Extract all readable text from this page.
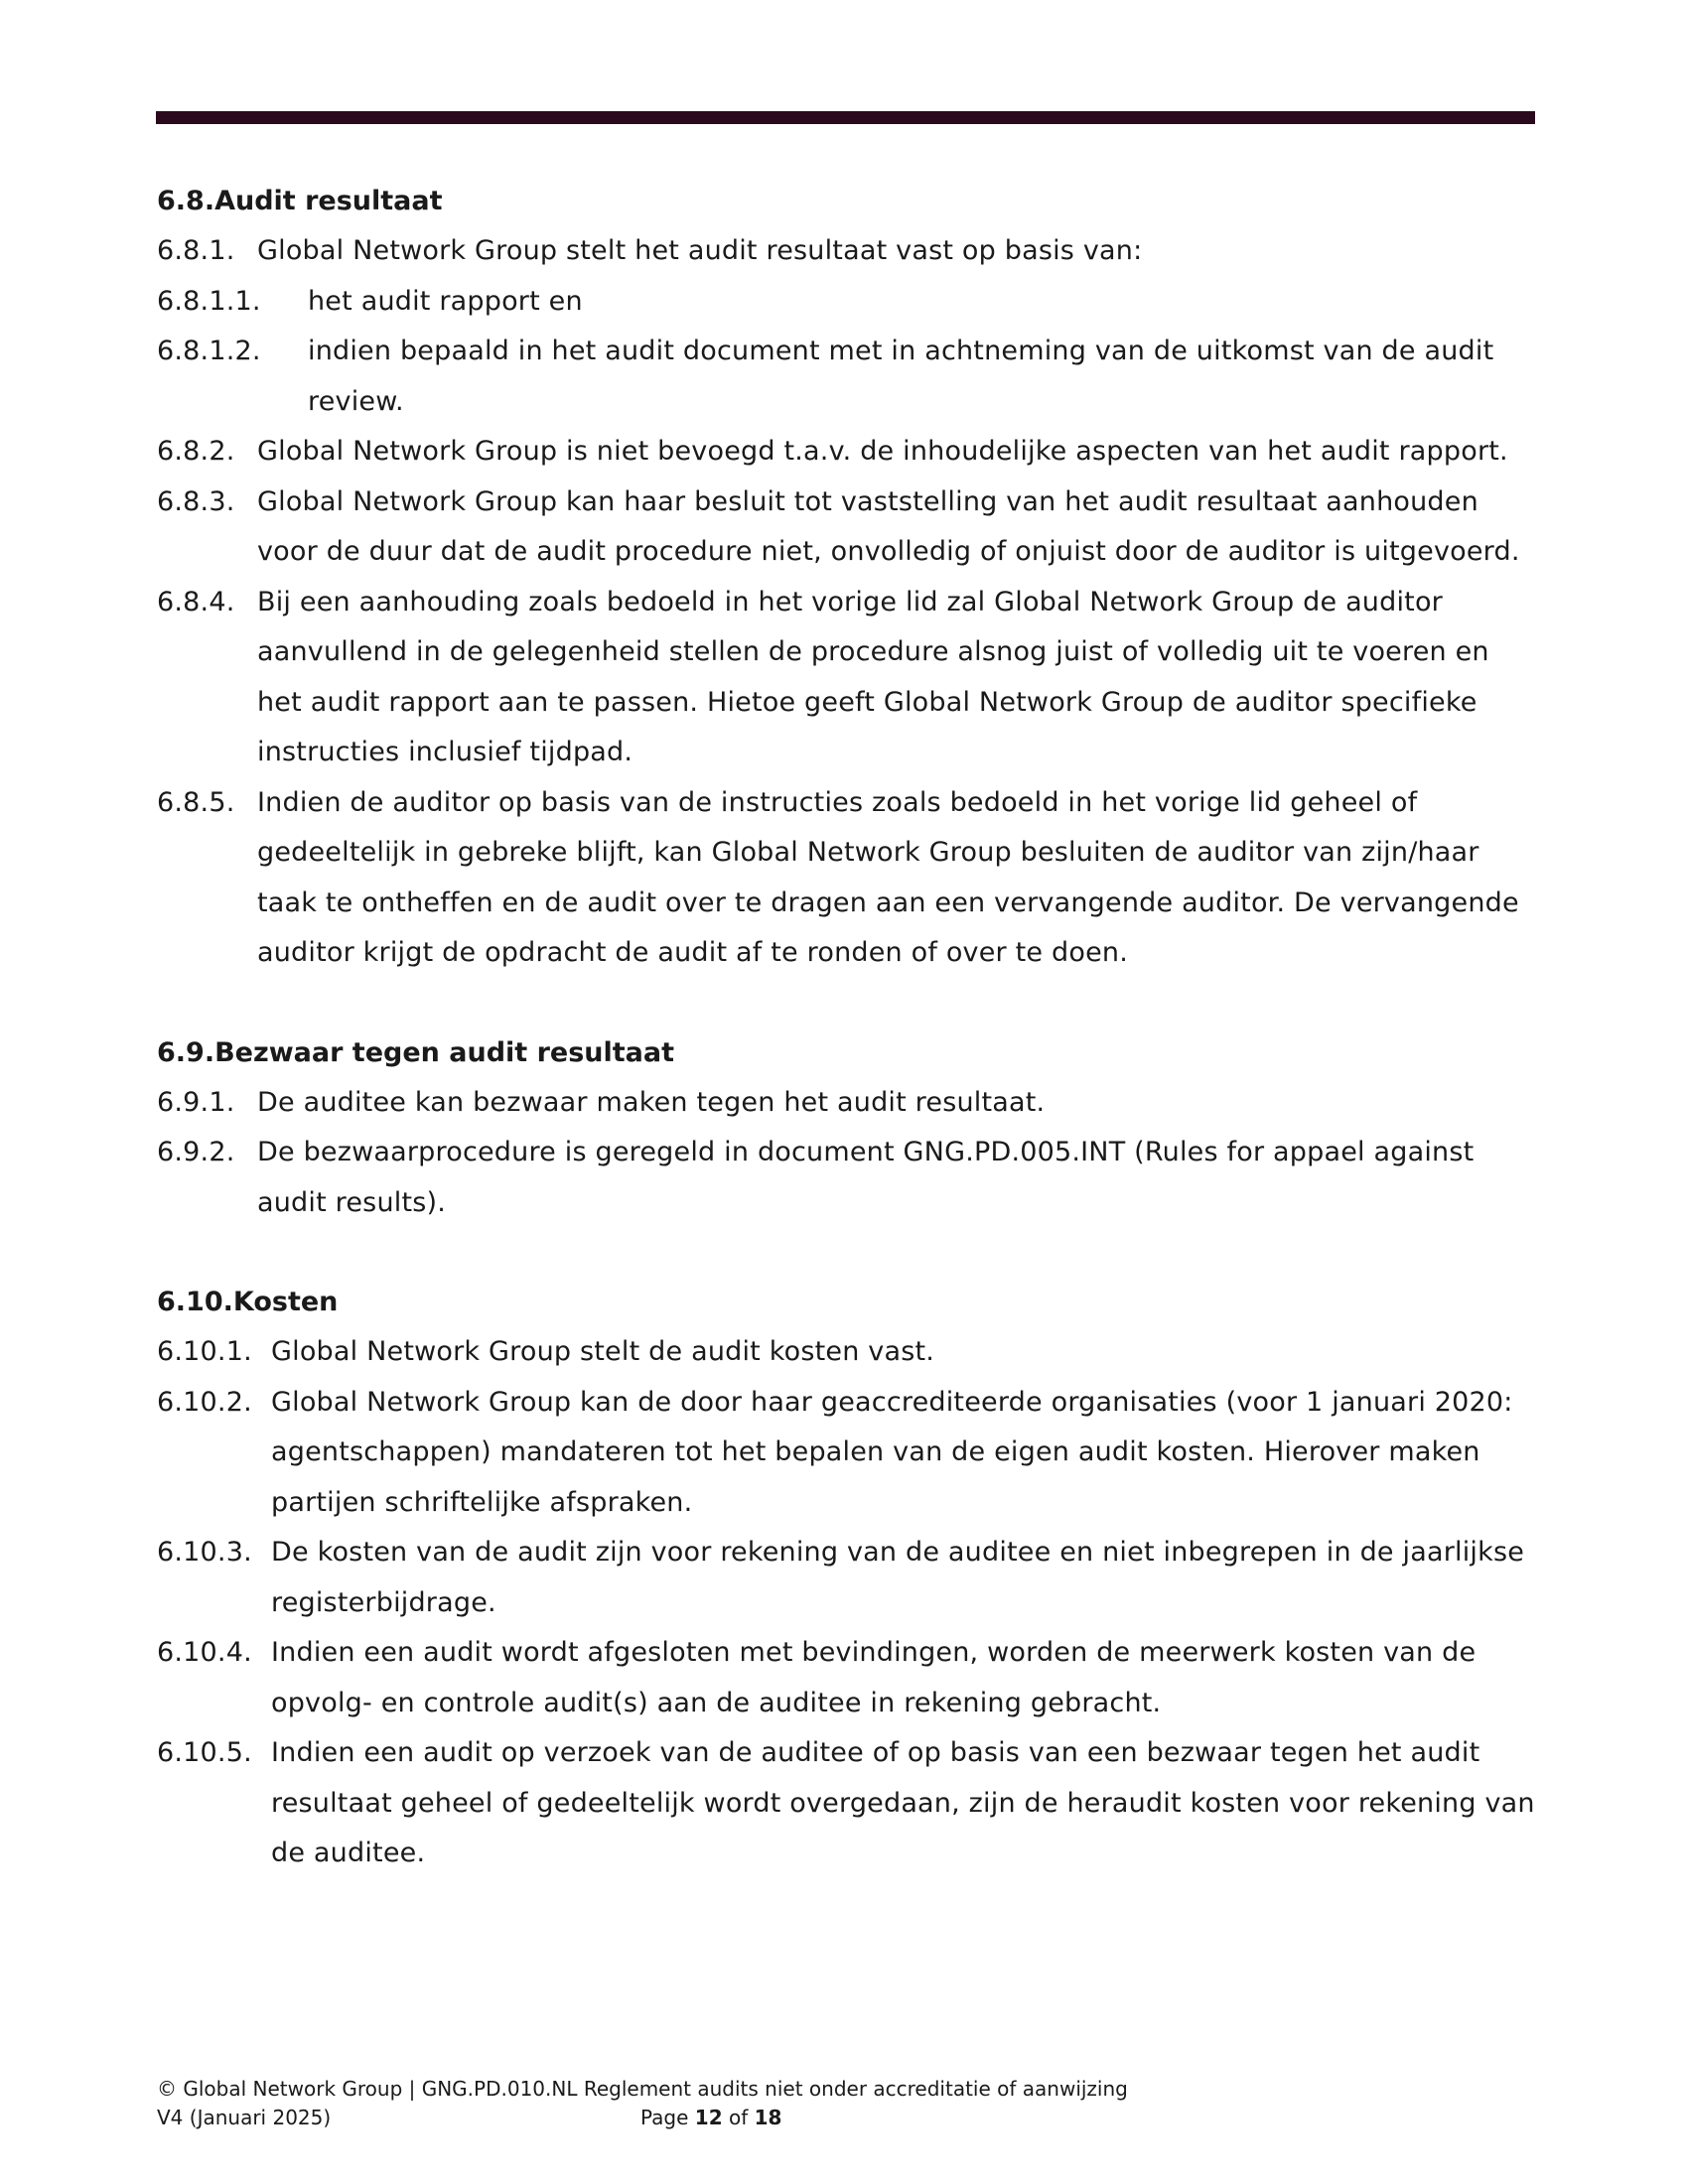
6.8.Audit resultaat
6.8.1. Global Network Group stelt het audit resultaat vast op basis van:
6.8.1.1.	het audit rapport en
6.8.1.2.	indien bepaald in het audit document met in achtneming van de uitkomst van de audit review.
6.8.2. Global Network Group is niet bevoegd t.a.v. de inhoudelijke aspecten van het audit rapport.
6.8.3. Global Network Group kan haar besluit tot vaststelling van het audit resultaat aanhouden voor de duur dat de audit procedure niet, onvolledig of onjuist door de auditor is uitgevoerd.
6.8.4. Bij een aanhouding zoals bedoeld in het vorige lid zal Global Network Group de auditor aanvullend in de gelegenheid stellen de procedure alsnog juist of volledig uit te voeren en het audit rapport aan te passen. Hietoe geeft Global Network Group de auditor specifieke instructies inclusief tijdpad.
6.8.5. Indien de auditor op basis van de instructies zoals bedoeld in het vorige lid geheel of gedeeltelijk in gebreke blijft, kan Global Network Group besluiten de auditor van zijn/haar taak te ontheffen en de audit over te dragen aan een vervangende auditor. De vervangende auditor krijgt de opdracht de audit af te ronden of over te doen.
6.9.Bezwaar tegen audit resultaat
6.9.1. De auditee kan bezwaar maken tegen het audit resultaat.
6.9.2. De bezwaarprocedure is geregeld in document GNG.PD.005.INT (Rules for appael against audit results).
6.10.Kosten
6.10.1. Global Network Group stelt de audit kosten vast.
6.10.2. Global Network Group kan de door haar geaccrediteerde organisaties (voor 1 januari 2020: agentschappen) mandateren tot het bepalen van de eigen audit kosten. Hierover maken partijen schriftelijke afspraken.
6.10.3. De kosten van de audit zijn voor rekening van de auditee en niet inbegrepen in de jaarlijkse registerbijdrage.
6.10.4. Indien een audit wordt afgesloten met bevindingen, worden de meerwerk kosten van de opvolg- en controle audit(s) aan de auditee in rekening gebracht.
6.10.5. Indien een audit op verzoek van de auditee of op basis van een bezwaar tegen het audit resultaat geheel of gedeeltelijk wordt overgedaan, zijn de heraudit kosten voor rekening van de auditee.
© Global Network Group | GNG.PD.010.NL Reglement audits niet onder accreditatie of aanwijzing
V4 (Januari 2025)	Page 12 of 18
